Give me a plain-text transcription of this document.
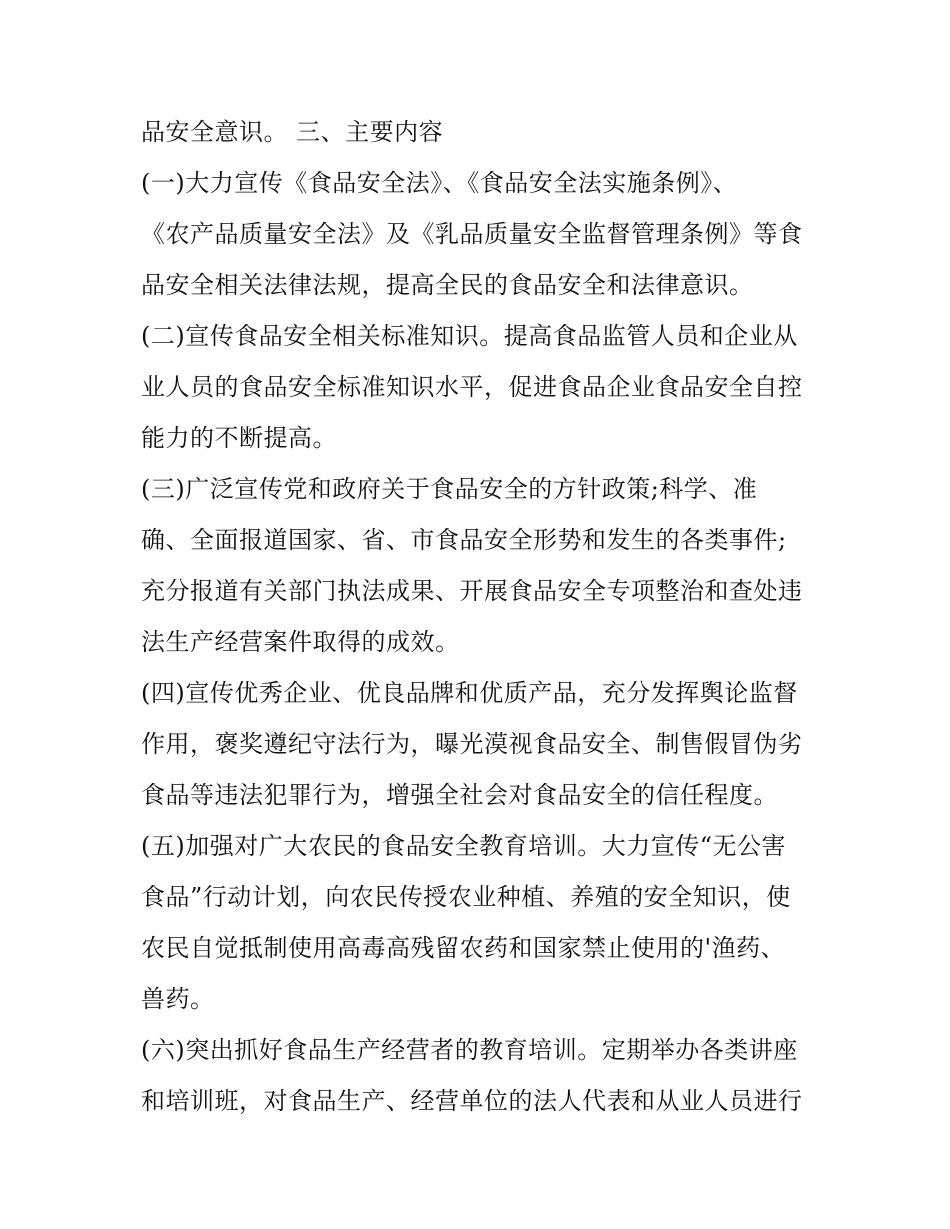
品安全意识。 三、主要内容
(一)大力宣传《食品安全法》、《食品安全法实施条例》、
《农产品质量安全法》及《乳品质量安全监督管理条例》等食
品安全相关法律法规，提高全民的食品安全和法律意识。
(二)宣传食品安全相关标准知识。提高食品监管人员和企业从
业人员的食品安全标准知识水平，促进食品企业食品安全自控
能力的不断提高。
(三)广泛宣传党和政府关于食品安全的方针政策;科学、准
确、全面报道国家、省、市食品安全形势和发生的各类事件;
充分报道有关部门执法成果、开展食品安全专项整治和查处违
法生产经营案件取得的成效。
(四)宣传优秀企业、优良品牌和优质产品，充分发挥舆论监督
作用，褒奖遵纪守法行为，曝光漠视食品安全、制售假冒伪劣
食品等违法犯罪行为，增强全社会对食品安全的信任程度。
(五)加强对广大农民的食品安全教育培训。大力宣传“无公害
食品”行动计划，向农民传授农业种植、养殖的安全知识，使
农民自觉抵制使用高毒高残留农药和国家禁止使用的'渔药、
兽药。
(六)突出抓好食品生产经营者的教育培训。定期举办各类讲座
和培训班，对食品生产、经营单位的法人代表和从业人员进行
